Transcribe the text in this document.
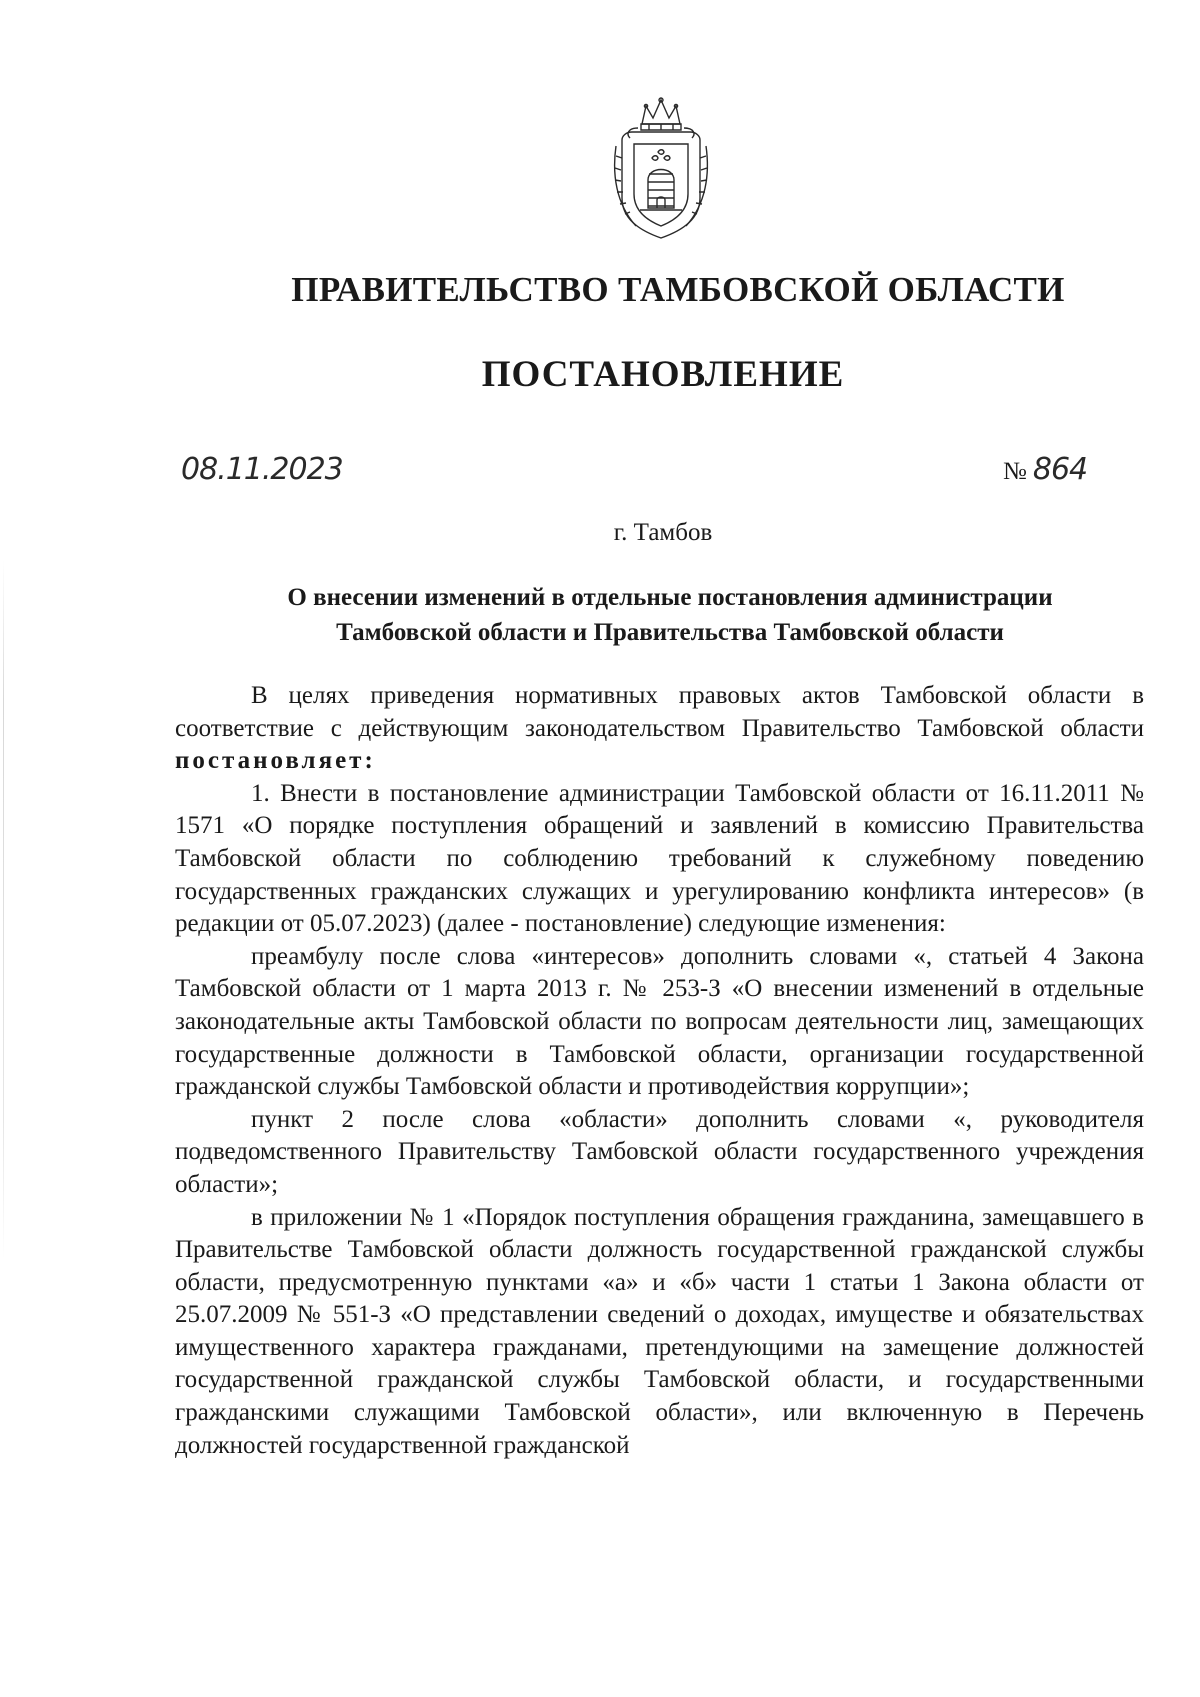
ПРАВИТЕЛЬСТВО ТАМБОВСКОЙ ОБЛАСТИ
ПОСТАНОВЛЕНИЕ
08.11.2023	№ 864
г. Тамбов
О внесении изменений в отдельные постановления администрации
Тамбовской области и Правительства Тамбовской области

В целях приведения нормативных правовых актов Тамбовской области в соответствие с действующим законодательством Правительство Тамбовской области постановляет:

1. Внести в постановление администрации Тамбовской области от 16.11.2011 № 1571 «О порядке поступления обращений и заявлений в комиссию Правительства Тамбовской области по соблюдению требований к служебному поведению государственных гражданских служащих и урегулированию конфликта интересов» (в редакции от 05.07.2023) (далее - постановление) следующие изменения:

преамбулу после слова «интересов» дополнить словами «, статьей 4 Закона Тамбовской области от 1 марта 2013 г. № 253-З «О внесении изменений в отдельные законодательные акты Тамбовской области по вопросам деятельности лиц, замещающих государственные должности в Тамбовской области, организации государственной гражданской службы Тамбовской области и противодействия коррупции»;

пункт 2 после слова «области» дополнить словами «, руководителя подведомственного Правительству Тамбовской области государственного учреждения области»;

в приложении № 1 «Порядок поступления обращения гражданина, замещавшего в Правительстве Тамбовской области должность государственной гражданской службы области, предусмотренную пунктами «а» и «б» части 1 статьи 1 Закона области от 25.07.2009 № 551-З «О представлении сведений о доходах, имуществе и обязательствах имущественного характера гражданами, претендующими на замещение должностей государственной гражданской службы Тамбовской области, и государственными гражданскими служащими Тамбовской области», или включенную в Перечень должностей государственной гражданской
